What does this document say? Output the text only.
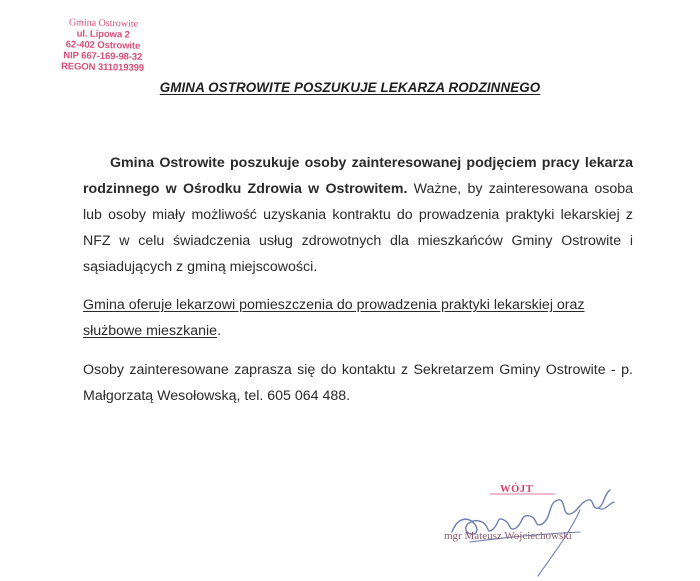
Gmina Ostrowite
ul. Lipowa 2
62-402 Ostrowite
NIP 667-169-98-32
REGON 311019399
GMINA OSTROWITE POSZUKUJE LEKARZA RODZINNEGO

Gmina Ostrowite poszukuje osoby zainteresowanej podjęciem pracy lekarza rodzinnego w Ośrodku Zdrowia w Ostrowitem. Ważne, by zainteresowana osoba lub osoby miały możliwość uzyskania kontraktu do prowadzenia praktyki lekarskiej z NFZ w celu świadczenia usług zdrowotnych dla mieszkańców Gminy Ostrowite i sąsiadujących z gminą miejscowości.

Gmina oferuje lekarzowi pomieszczenia do prowadzenia praktyki lekarskiej oraz służbowe mieszkanie.

Osoby zainteresowane zaprasza się do kontaktu z Sekretarzem Gminy Ostrowite - p. Małgorzatą Wesołowską, tel. 605 064 488.

WÓJT
mgr Mateusz Wojciechowski
